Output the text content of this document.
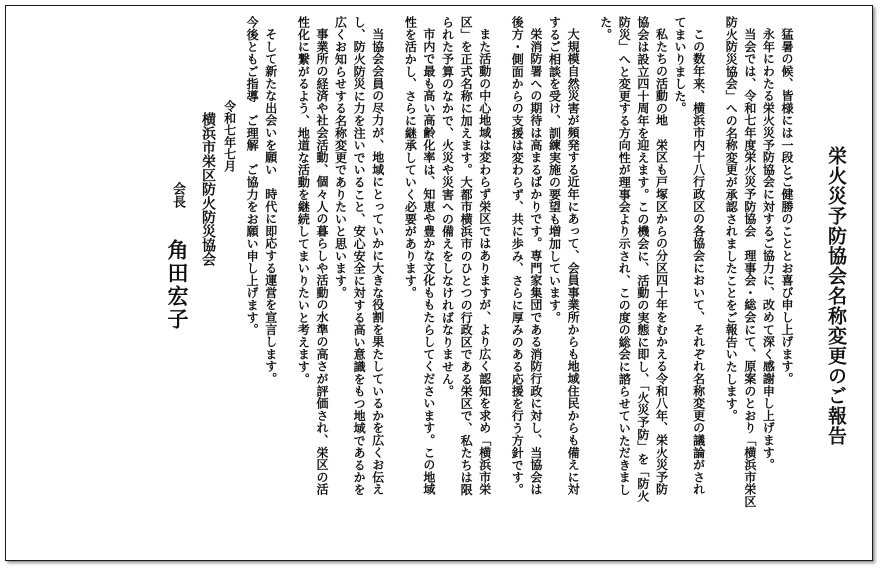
栄火災予防協会名称変更のご報告
猛暑の候、皆様には一段とご健勝のこととお喜び申し上げます。
永年にわたる栄火災予防協会に対するご協力に、改めて深く感謝申し上げます。
当会では、令和七年度栄火災予防協会　理事会・総会にて、原案のとおり「横浜市栄区
防火防災協会」への名称変更が承認されましたことをご報告いたします。
この数年来、横浜市内十八行政区の各協会において、それぞれ名称変更の議論がされ
てまいりました。
私たちの活動の地　栄区も戸塚区からの分区四十年をむかえる令和八年、栄火災予防
協会は設立四十周年を迎えます。この機会に、活動の実態に即し、「火災予防」を「防火
防災」へと変更する方向性が理事会より示され、この度の総会に諮らせていただきまし
た。
大規模自然災害が頻発する近年にあって、会員事業所からも地域住民からも備えに対
するご相談を受け、訓練実施の要望も増加しています。
栄消防署への期待は高まるばかりです。専門家集団である消防行政に対し、当協会は
後方・側面からの支援は変わらず、共に歩み、さらに厚みのある応援を行う方針です。
また活動の中心地域は変わらず栄区ではありますが、より広く認知を求め「横浜市栄
区」を正式名称に加えます。大都市横浜市のひとつの行政区である栄区で、私たちは限
られた予算のなかで、火災や災害への備えをしなければなりません。
市内で最も高い高齢化率は、知恵や豊かな文化ももたらしてくださいます。この地域
性を活かし、さらに継承していく必要があります。
当協会会員の尽力が、地域にとっていかに大きな役割を果たしているかを広くお伝え
し、防火防災に力を注いでいること、安心安全に対する高い意識をもつ地域であるかを
広くお知らせする名称変更でありたいと思います。
事業所の経済や社会活動、個々人の暮らしや活動の水準の高さが評価され、栄区の活
性化に繋がるよう、地道な活動を継続してまいりたいと考えます。
そして新たな出会いを願い　時代に即応する運営を宣言します。
今後ともご指導　ご理解　ご協力をお願い申し上げます。

令和七年七月

横浜市栄区防火防災協会

会長 角田宏子
